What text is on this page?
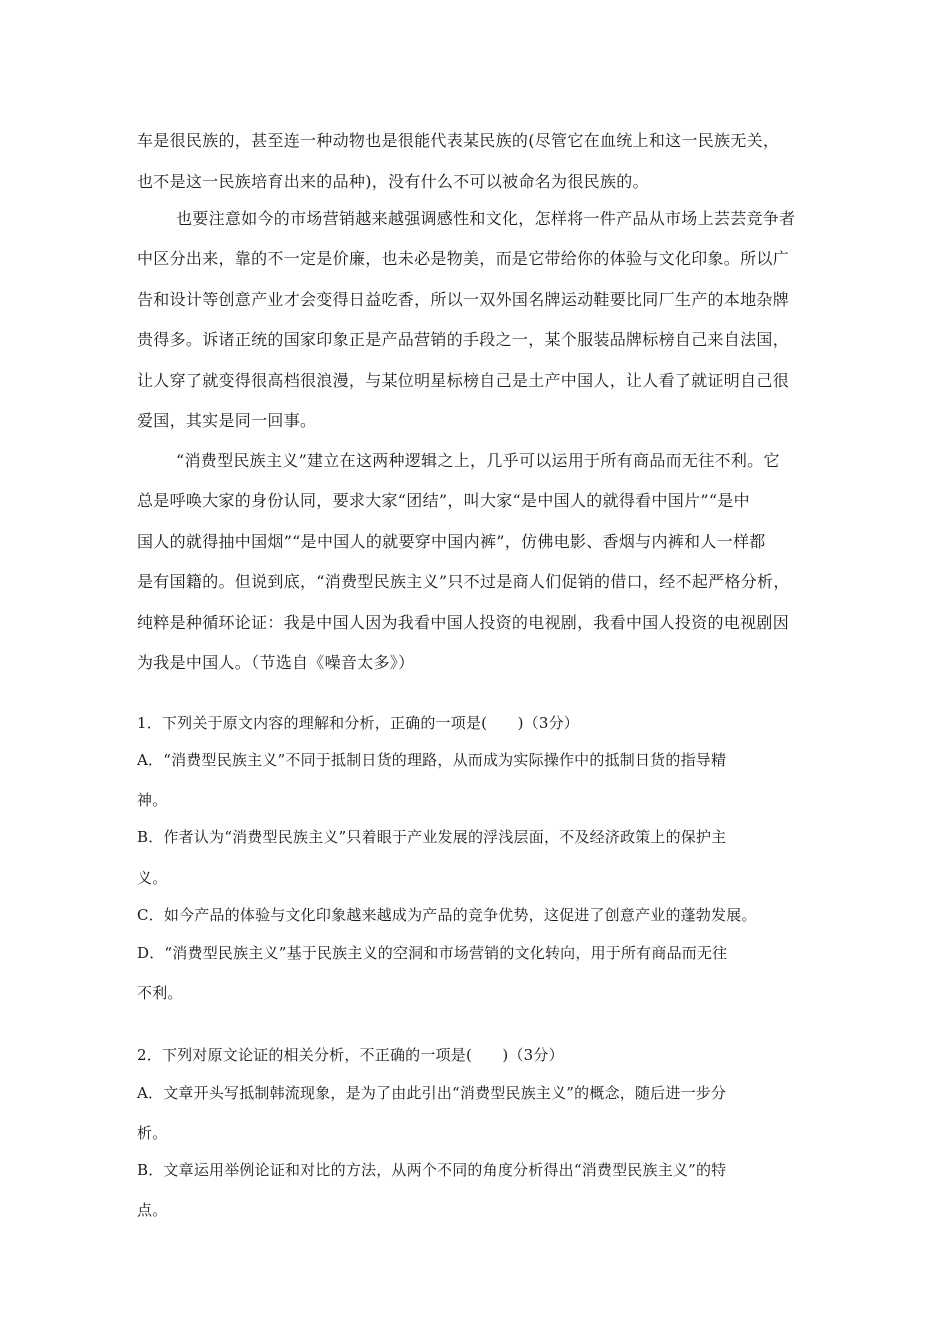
车是很民族的，甚至连一种动物也是很能代表某民族的(尽管它在血统上和这一民族无关，
也不是这一民族培育出来的品种)，没有什么不可以被命名为很民族的。
也要注意如今的市场营销越来越强调感性和文化，怎样将一件产品从市场上芸芸竞争者
中区分出来，靠的不一定是价廉，也未必是物美，而是它带给你的体验与文化印象。所以广
告和设计等创意产业才会变得日益吃香，所以一双外国名牌运动鞋要比同厂生产的本地杂牌
贵得多。诉诸正统的国家印象正是产品营销的手段之一，某个服装品牌标榜自己来自法国，
让人穿了就变得很高档很浪漫，与某位明星标榜自己是土产中国人，让人看了就证明自己很
爱国，其实是同一回事。
“消费型民族主义”建立在这两种逻辑之上，几乎可以运用于所有商品而无往不利。它
总是呼唤大家的身份认同，要求大家“团结”，叫大家“是中国人的就得看中国片”“是中
国人的就得抽中国烟”“是中国人的就要穿中国内裤”，仿佛电影、香烟与内裤和人一样都
是有国籍的。但说到底，“消费型民族主义”只不过是商人们促销的借口，经不起严格分析，
纯粹是种循环论证：我是中国人因为我看中国人投资的电视剧，我看中国人投资的电视剧因
为我是中国人。（节选自《噪音太多》）
1．下列关于原文内容的理解和分析，正确的一项是(　　)（3分）
A．“消费型民族主义”不同于抵制日货的理路，从而成为实际操作中的抵制日货的指导精
神。
B．作者认为“消费型民族主义”只着眼于产业发展的浮浅层面，不及经济政策上的保护主
义。
C．如今产品的体验与文化印象越来越成为产品的竞争优势，这促进了创意产业的蓬勃发展。
D．“消费型民族主义”基于民族主义的空洞和市场营销的文化转向，用于所有商品而无往
不利。
2．下列对原文论证的相关分析，不正确的一项是(　　)（3分）
A．文章开头写抵制韩流现象，是为了由此引出“消费型民族主义”的概念，随后进一步分
析。
B．文章运用举例论证和对比的方法，从两个不同的角度分析得出“消费型民族主义”的特
点。
